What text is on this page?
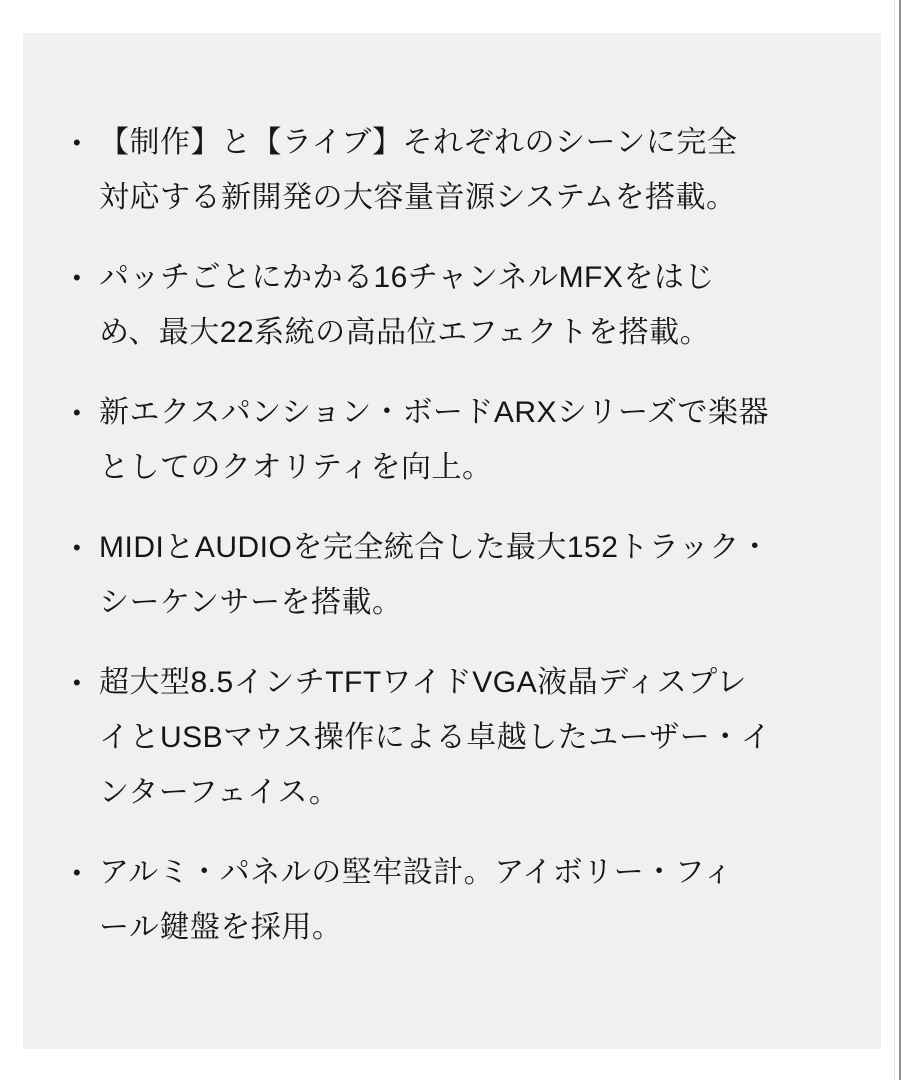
• 【制作】と【ライブ】それぞれのシーンに完全
対応する新開発の大容量音源システムを搭載。
• パッチごとにかかる16チャンネルMFXをはじ
め、最大22系統の高品位エフェクトを搭載。
• 新エクスパンション・ボードARXシリーズで楽器
としてのクオリティを向上。
• MIDIとAUDIOを完全統合した最大152トラック・
シーケンサーを搭載。
• 超大型8.5インチTFTワイドVGA液晶ディスプレ
イとUSBマウス操作による卓越したユーザー・イ
ンターフェイス。
• アルミ・パネルの堅牢設計。アイボリー・フィ
ール鍵盤を採用。
